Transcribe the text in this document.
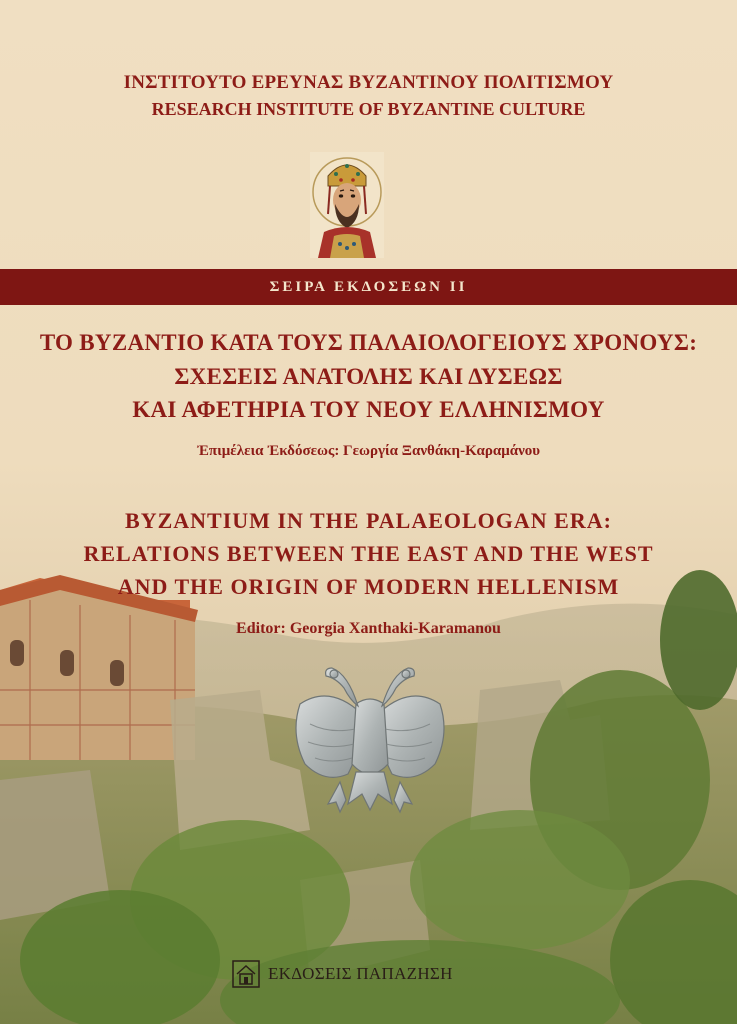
ΙΝΣΤΙΤΟΥΤΟ ΕΡΕΥΝΑΣ ΒΥΖΑΝΤΙΝΟΥ ΠΟΛΙΤΙΣΜΟΥ
RESEARCH INSTITUTE OF BYZANTINE CULTURE
ΣΕΙΡΑ ΕΚΔΟΣΕΩΝ ΙΙ
ΤΟ ΒΥΖΑΝΤΙΟ ΚΑΤΑ ΤΟΥΣ ΠΑΛΑΙΟΛΟΓΕΙΟΥΣ ΧΡΟΝΟΥΣ:
ΣΧΕΣΕΙΣ ΑΝΑΤΟΛΗΣ ΚΑΙ ΔΥΣΕΩΣ
ΚΑΙ ΑΦΕΤΗΡΙΑ ΤΟΥ ΝΕΟΥ ΕΛΛΗΝΙΣΜΟΥ
Ἐπιμέλεια Ἐκδόσεως: Γεωργία Ξανθάκη-Καραμάνου
BYZANTIUM IN THE PALAEOLOGAN ERA:
RELATIONS BETWEEN THE EAST AND THE WEST
AND THE ORIGIN OF MODERN HELLENISM
Editor: Georgia Xanthaki-Karamanou
ΕΚΔΟΣΕΙΣ ΠΑΠΑΖΗΣΗ
